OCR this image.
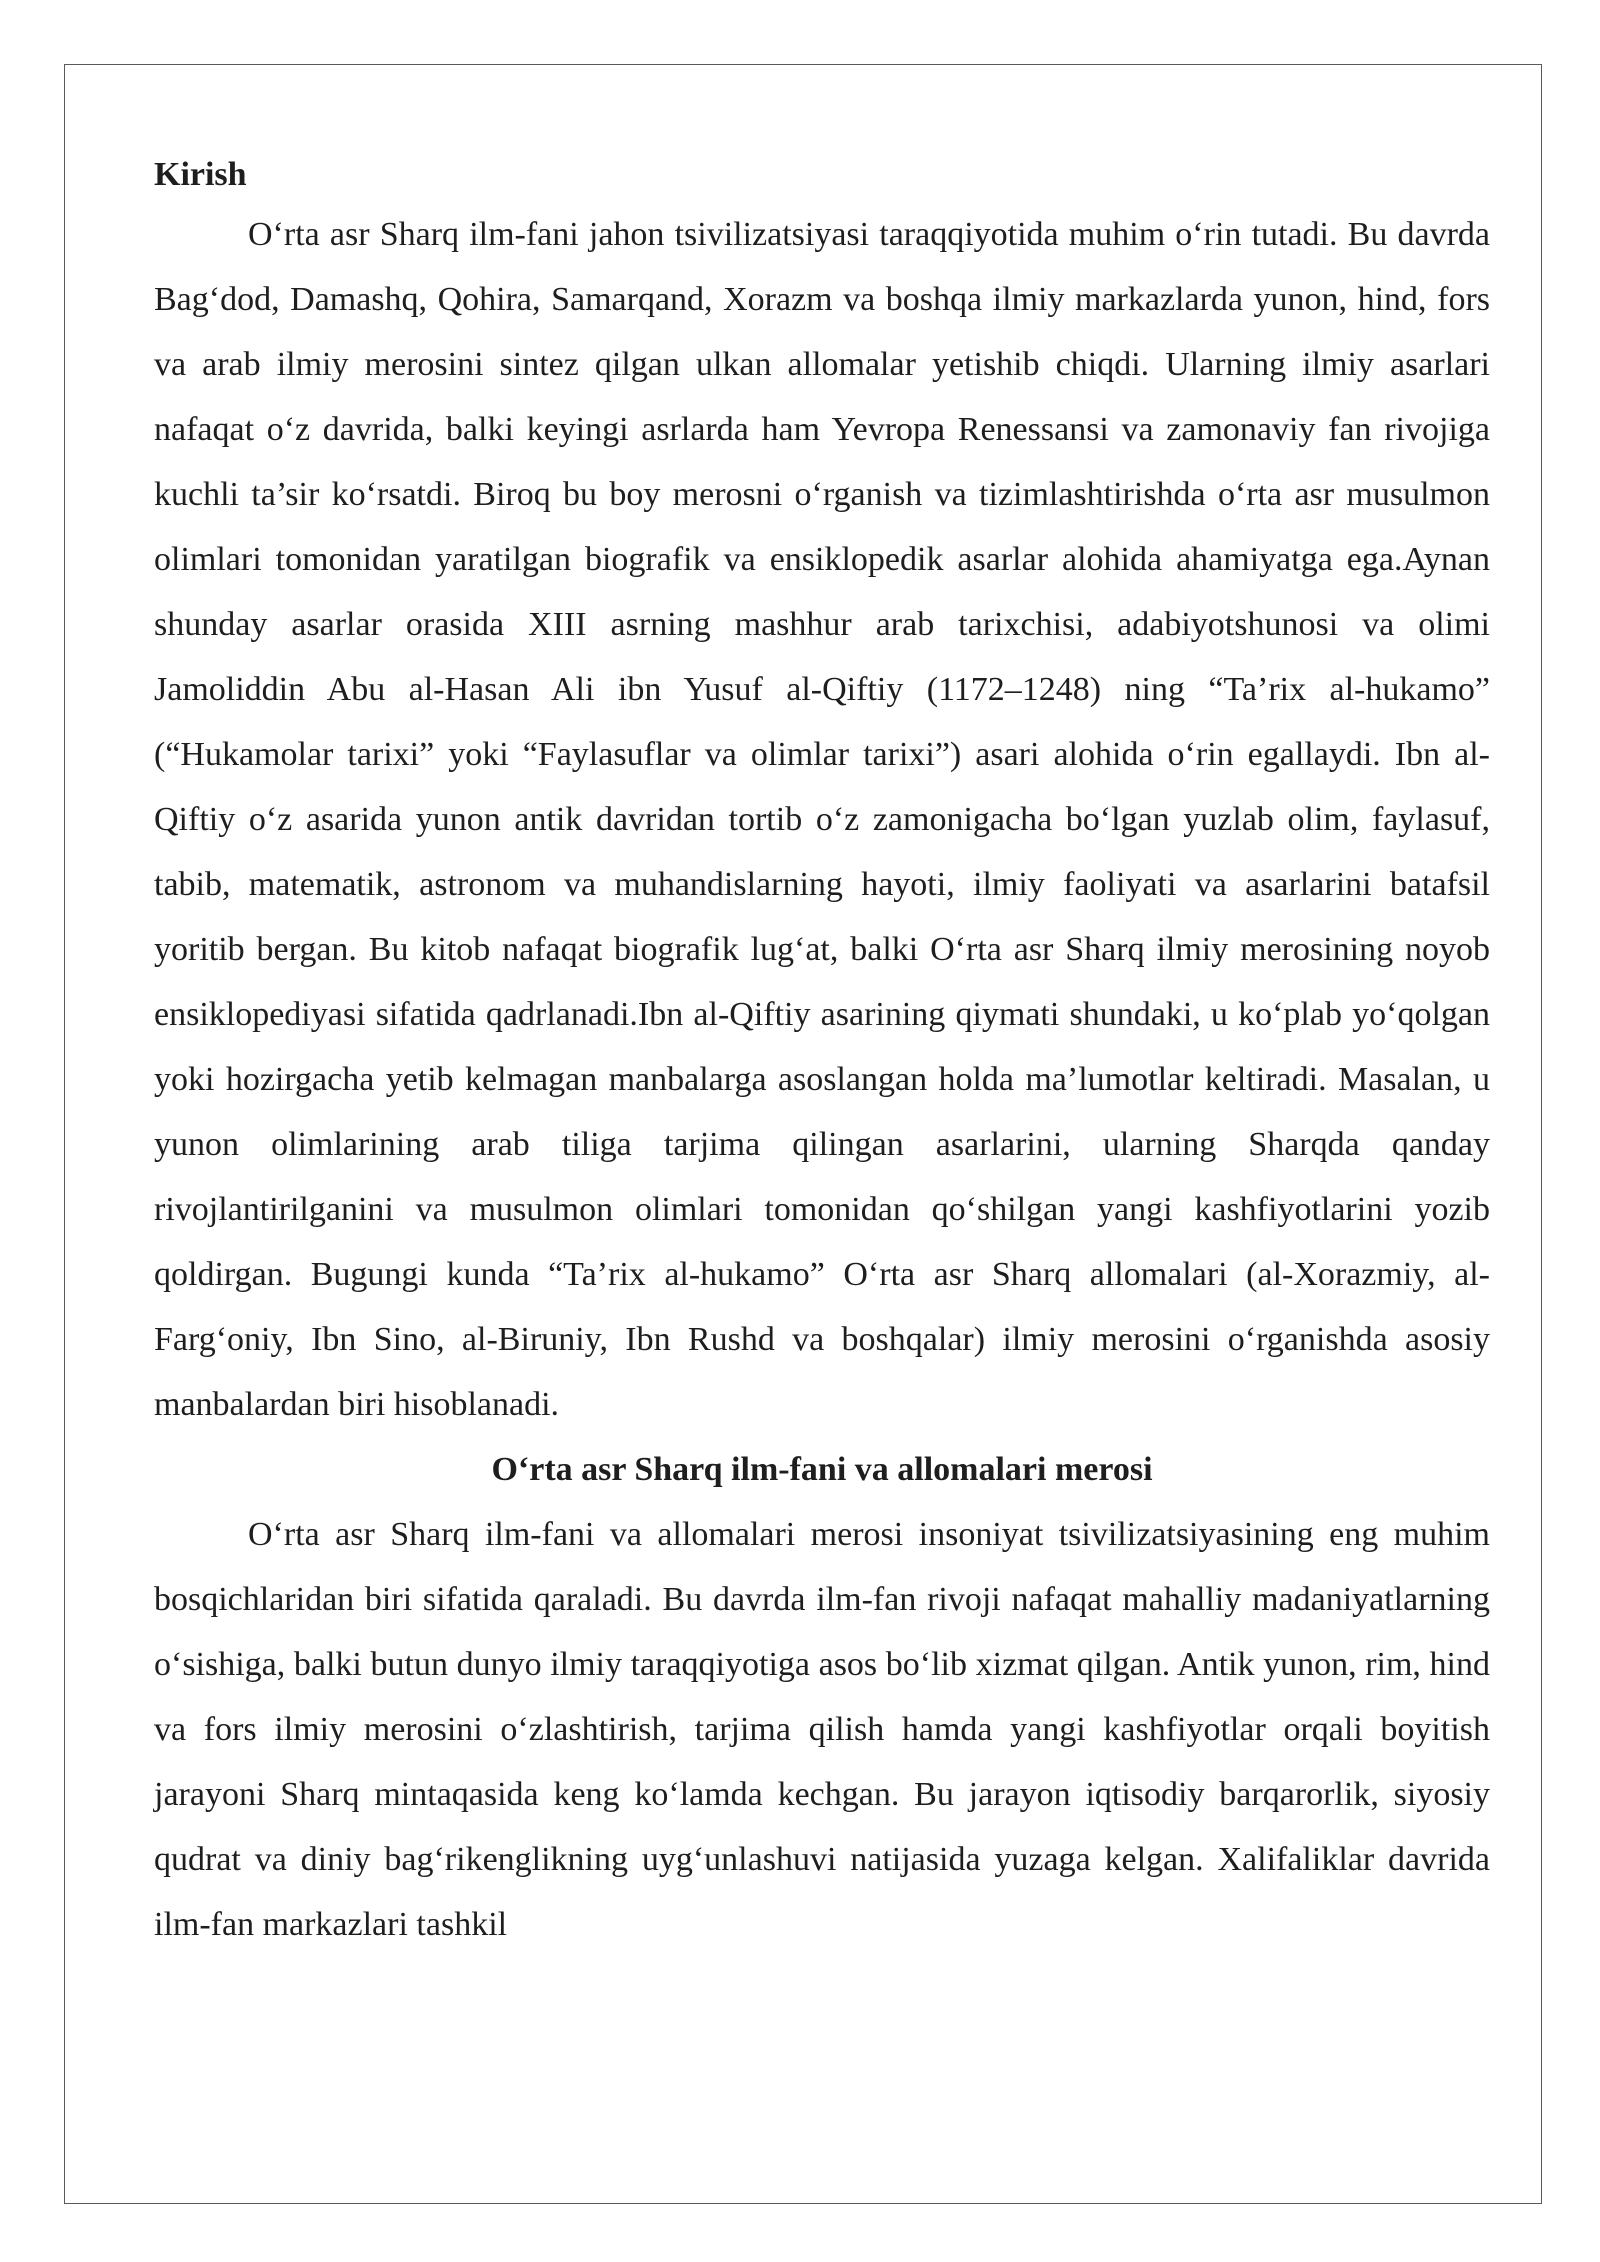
Kirish

O‘rta asr Sharq ilm-fani jahon tsivilizatsiyasi taraqqiyotida muhim o‘rin tutadi. Bu davrda Bag‘dod, Damashq, Qohira, Samarqand, Xorazm va boshqa ilmiy markazlarda yunon, hind, fors va arab ilmiy merosini sintez qilgan ulkan allomalar yetishib chiqdi. Ularning ilmiy asarlari nafaqat o‘z davrida, balki keyingi asrlarda ham Yevropa Renessansi va zamonaviy fan rivojiga kuchli ta’sir ko‘rsatdi. Biroq bu boy merosni o‘rganish va tizimlashtirishda o‘rta asr musulmon olimlari tomonidan yaratilgan biografik va ensiklopedik asarlar alohida ahamiyatga ega.Aynan shunday asarlar orasida XIII asrning mashhur arab tarixchisi, adabiyotshunosi va olimi Jamoliddin Abu al-Hasan Ali ibn Yusuf al-Qiftiy (1172–1248) ning “Ta’rix al-hukamo” (“Hukamolar tarixi” yoki “Faylasuflar va olimlar tarixi”) asari alohida o‘rin egallaydi. Ibn al-Qiftiy o‘z asarida yunon antik davridan tortib o‘z zamonigacha bo‘lgan yuzlab olim, faylasuf, tabib, matematik, astronom va muhandislarning hayoti, ilmiy faoliyati va asarlarini batafsil yoritib bergan. Bu kitob nafaqat biografik lug‘at, balki O‘rta asr Sharq ilmiy merosining noyob ensiklopediyasi sifatida qadrlanadi.Ibn al-Qiftiy asarining qiymati shundaki, u ko‘plab yo‘qolgan yoki hozirgacha yetib kelmagan manbalarga asoslangan holda ma’lumotlar keltiradi. Masalan, u yunon olimlarining arab tiliga tarjima qilingan asarlarini, ularning Sharqda qanday rivojlantirilganini va musulmon olimlari tomonidan qo‘shilgan yangi kashfiyotlarini yozib qoldirgan. Bugungi kunda “Ta’rix al-hukamo” O‘rta asr Sharq allomalari (al-Xorazmiy, al-Farg‘oniy, Ibn Sino, al-Biruniy, Ibn Rushd va boshqalar) ilmiy merosini o‘rganishda asosiy manbalardan biri hisoblanadi.

O‘rta asr Sharq ilm-fani va allomalari merosi

O‘rta asr Sharq ilm-fani va allomalari merosi insoniyat tsivilizatsiyasining eng muhim bosqichlaridan biri sifatida qaraladi. Bu davrda ilm-fan rivoji nafaqat mahalliy madaniyatlarning o‘sishiga, balki butun dunyo ilmiy taraqqiyotiga asos bo‘lib xizmat qilgan. Antik yunon, rim, hind va fors ilmiy merosini o‘zlashtirish, tarjima qilish hamda yangi kashfiyotlar orqali boyitish jarayoni Sharq mintaqasida keng ko‘lamda kechgan. Bu jarayon iqtisodiy barqarorlik, siyosiy qudrat va diniy bag‘rikenglikning uyg‘unlashuvi natijasida yuzaga kelgan. Xalifaliklar davrida ilm-fan markazlari tashkil
